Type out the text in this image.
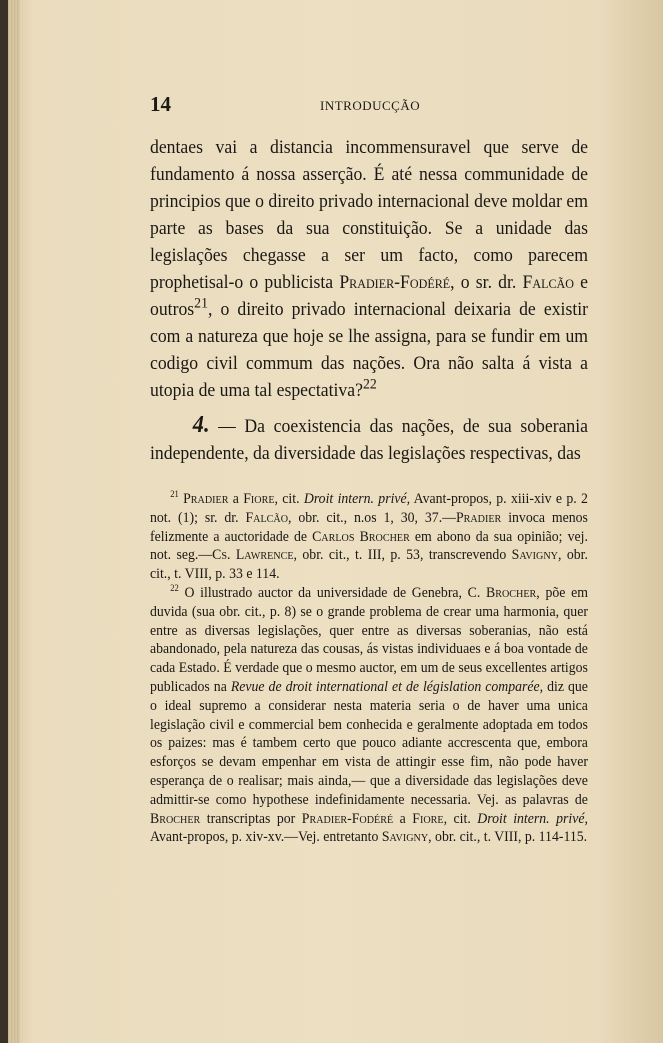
14	INTRODUCÇÃO

dentaes vai a distancia incommensuravel que serve de fundamento á nossa asserção. É até nessa communidade de principios que o direito privado internacional deve moldar em parte as bases da sua constituição. Se a unidade das legislações chegasse a ser um facto, como parecem prophetisal-o o publicista Pradier-Fodéré, o sr. dr. Falcão e outros$^{21}$, o direito privado internacional deixaria de existir com a natureza que hoje se lhe assigna, para se fundir em um codigo civil commum das nações. Ora não salta á vista a utopia de uma tal espectativa?$^{22}$

4. — Da coexistencia das nações, de sua soberania independente, da diversidade das legislações respectivas, das

$^{21}$ Pradier a Fiore, cit. Droit intern. privé, Avant-propos, p. xiii-xiv e p. 2 not. (1); sr. dr. Falcão, obr. cit., n.os 1, 30, 37.—Pradier invoca menos felizmente a auctoridade de Carlos Brocher em abono da sua opinião; vej. not. seg.—Cs. Lawrence, obr. cit., t. III, p. 53, transcrevendo Savigny, obr. cit., t. VIII, p. 33 e 114.

$^{22}$ O illustrado auctor da universidade de Genebra, C. Brocher, põe em duvida (sua obr. cit., p. 8) se o grande problema de crear uma harmonia, quer entre as diversas legislações, quer entre as diversas soberanias, não está abandonado, pela natureza das cousas, ás vistas individuaes e á boa vontade de cada Estado. É verdade que o mesmo auctor, em um de seus excellentes artigos publicados na Revue de droit international et de législation comparée, diz que o ideal supremo a considerar nesta materia seria o de haver uma unica legislação civil e commercial bem conhecida e geralmente adoptada em todos os paizes: mas é tambem certo que pouco adiante accrescenta que, embora esforços se devam empenhar em vista de attingir esse fim, não pode haver esperança de o realisar; mais ainda,— que a diversidade das legislações deve admittir-se como hypothese indefinidamente necessaria. Vej. as palavras de Brocher transcriptas por Pradier-Fodéré a Fiore, cit. Droit intern. privé, Avant-propos, p. xiv-xv.—Vej. entretanto Savigny, obr. cit., t. VIII, p. 114-115.
